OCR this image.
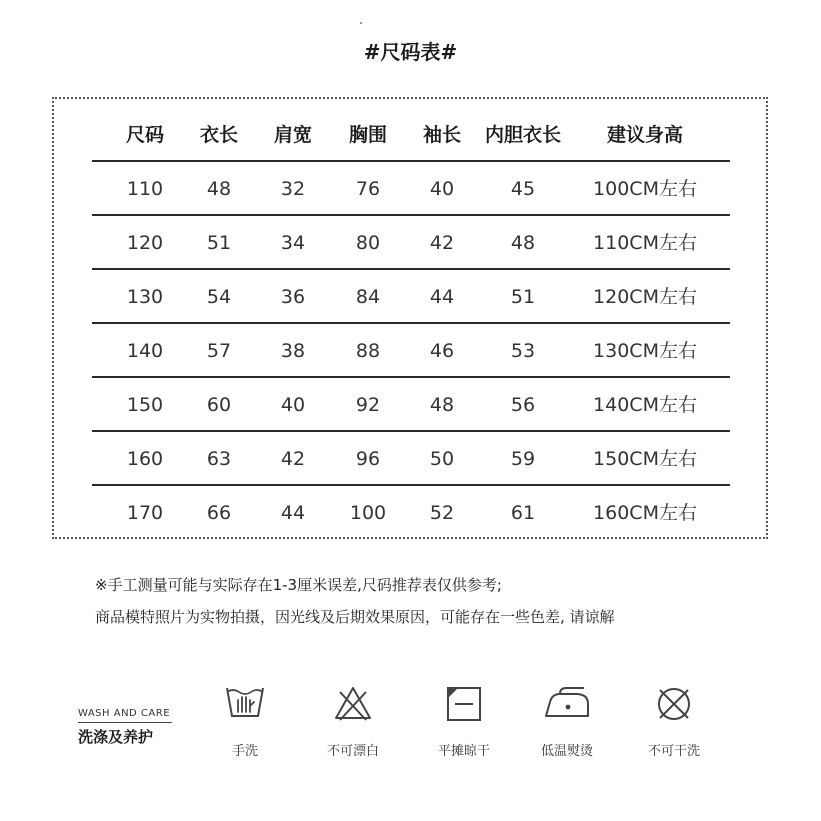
#尺码表#
尺码 衣长 肩宽 胸围 袖长 内胆衣长 建议身高
110 48	32	76	40	45	100CM左右
120 51	34	80	42	48	110CM左右
130 54	36	84	44	51	120CM左右
140 57	38	88	46	53	130CM左右
150 60	40	92	48	56	140CM左右
160 63	42	96	50	59	150CM左右
170 66	44 100 52	61	160CM左右
※手工测量可能与实际存在1-3厘米误差,尺码推荐表仅供参考;
商品模特照片为实物拍摄，因光线及后期效果原因，可能存在一些色差, 请谅解
WASH AND CARE
洗涤及养护
手洗	不可漂白	平摊晾干	低温熨烫	不可干洗
